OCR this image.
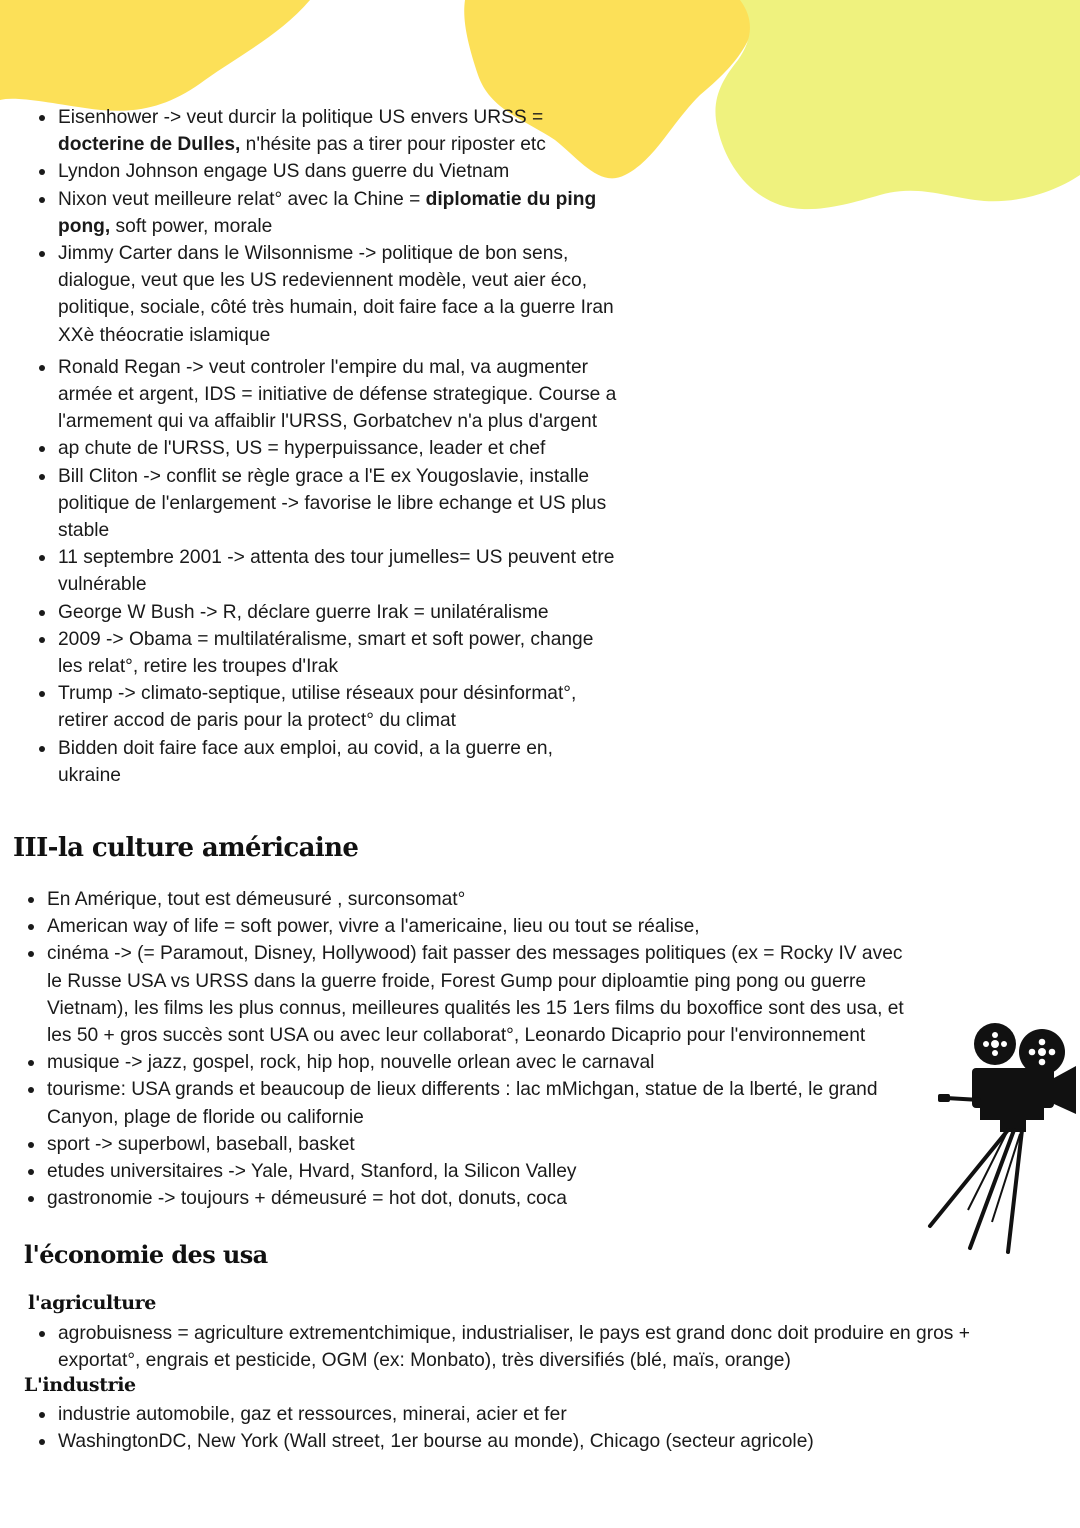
Eisenhower -> veut durcir la politique US envers URSS = docterine de Dulles, n'hésite pas a tirer pour riposter etc
Lyndon Johnson engage US dans guerre du Vietnam
Nixon veut meilleure relat° avec la Chine = diplomatie du ping pong, soft power, morale
Jimmy Carter dans le Wilsonnisme -> politique de bon sens, dialogue, veut que les US redeviennent modèle, veut aier éco, politique, sociale, côté très humain, doit faire face a la guerre Iran XXè théocratie islamique
Ronald Regan -> veut controler l'empire du mal, va augmenter armée et argent, IDS = initiative de défense strategique. Course a l'armement qui va affaiblir l'URSS, Gorbatchev n'a plus d'argent
ap chute de l'URSS, US = hyperpuissance, leader et chef
Bill Cliton -> conflit se règle grace a l'E ex Yougoslavie, installe politique de l'enlargement -> favorise le libre echange et US plus stable
11 septembre 2001 -> attenta des tour jumelles= US peuvent etre vulnérable
George W Bush -> R, déclare guerre Irak = unilatéralisme
2009 -> Obama = multilatéralisme, smart et soft power, change les relat°, retire les troupes d'Irak
Trump -> climato-septique, utilise réseaux pour désinformat°, retirer accod de paris pour la protect° du climat
Bidden doit faire face aux emploi, au covid, a la guerre en, ukraine
III-la culture américaine
En Amérique, tout est démeusuré , surconsomat°
American way of life = soft power, vivre a l'americaine, lieu ou tout se réalise,
cinéma -> (= Paramout, Disney, Hollywood) fait passer des messages politiques (ex = Rocky IV avec le Russe USA vs URSS dans la guerre froide, Forest Gump pour diploamtie ping pong ou guerre Vietnam), les films les plus connus, meilleures qualités les 15 1ers films du boxoffice sont des usa, et les 50 + gros succès sont USA ou avec leur collaborat°, Leonardo Dicaprio pour l'environnement
musique -> jazz, gospel, rock, hip hop, nouvelle orlean avec le carnaval
tourisme: USA grands et beaucoup de lieux differents : lac mMichgan, statue de la lberté, le grand Canyon, plage de floride ou californie
sport -> superbowl, baseball, basket
etudes universitaires -> Yale, Hvard, Stanford, la Silicon Valley
gastronomie -> toujours + démeusuré = hot dot, donuts, coca
l'économie des usa
l'agriculture
agrobuisness = agriculture extrementchimique, industrialiser, le pays est grand donc doit produire en gros + exportat°, engrais et pesticide, OGM (ex: Monbato), très diversifiés (blé, maïs, orange)
L'industrie
industrie automobile, gaz et ressources, minerai, acier et fer
WashingtonDC, New York (Wall street, 1er bourse au monde), Chicago (secteur agricole)
